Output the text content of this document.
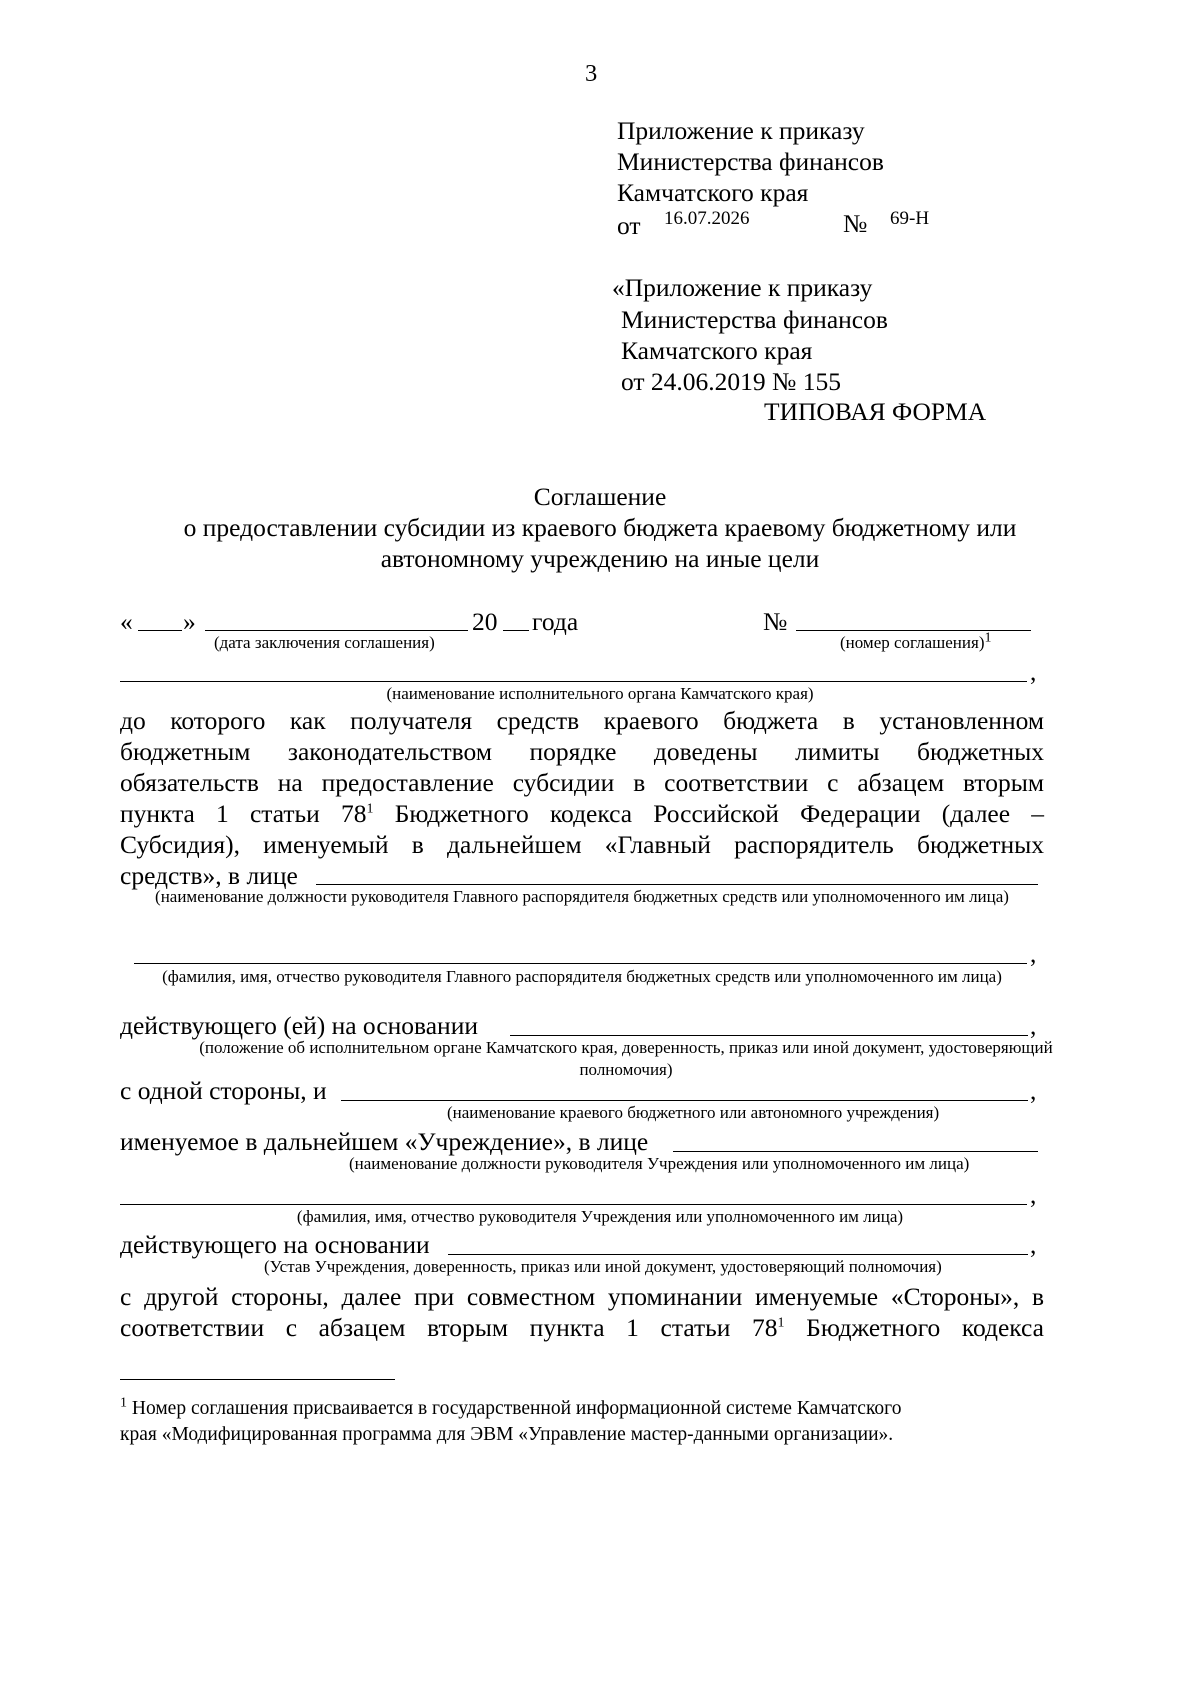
3
Приложение к приказу
Министерства финансов
Камчатского края
от 16.07.2026	№ 69-Н
«Приложение к приказу
Министерства финансов
Камчатского края
от 24.06.2019 № 155
ТИПОВАЯ ФОРМА
Соглашение
о предоставлении субсидии из краевого бюджета краевому бюджетному или
автономному учреждению на иные цели
« »	20 года	№
(дата заключения соглашения)	(номер соглашения)$^1$
,
(наименование исполнительного органа Камчатского края)
до которого как получателя средств краевого бюджета в установленном
бюджетным законодательством порядке доведены лимиты бюджетных
обязательств на предоставление субсидии в соответствии с абзацем вторым
пункта 1 статьи $78^1$ Бюджетного кодекса Российской Федерации (далее –
Субсидия), именуемый в дальнейшем «Главный распорядитель бюджетных
средств», в лице
(наименование должности руководителя Главного распорядителя бюджетных средств или уполномоченного им лица)
,
(фамилия, имя, отчество руководителя Главного распорядителя бюджетных средств или уполномоченного им лица)
действующего (ей) на основании	,
(положение об исполнительном органе Камчатского края, доверенность, приказ или иной документ, удостоверяющий полномочия)
с одной стороны, и	,
(наименование краевого бюджетного или автономного учреждения)
именуемое в дальнейшем «Учреждение», в лице
(наименование должности руководителя Учреждения или уполномоченного им лица)
,
(фамилия, имя, отчество руководителя Учреждения или уполномоченного им лица)
действующего на основании	,
(Устав Учреждения, доверенность, приказ или иной документ, удостоверяющий полномочия)
с другой стороны, далее при совместном упоминании именуемые «Стороны», в
соответствии с абзацем вторым пункта 1 статьи $78^1$ Бюджетного кодекса
$^1$ Номер соглашения присваивается в государственной информационной системе Камчатского
края «Модифицированная программа для ЭВМ «Управление мастер-данными организации».
